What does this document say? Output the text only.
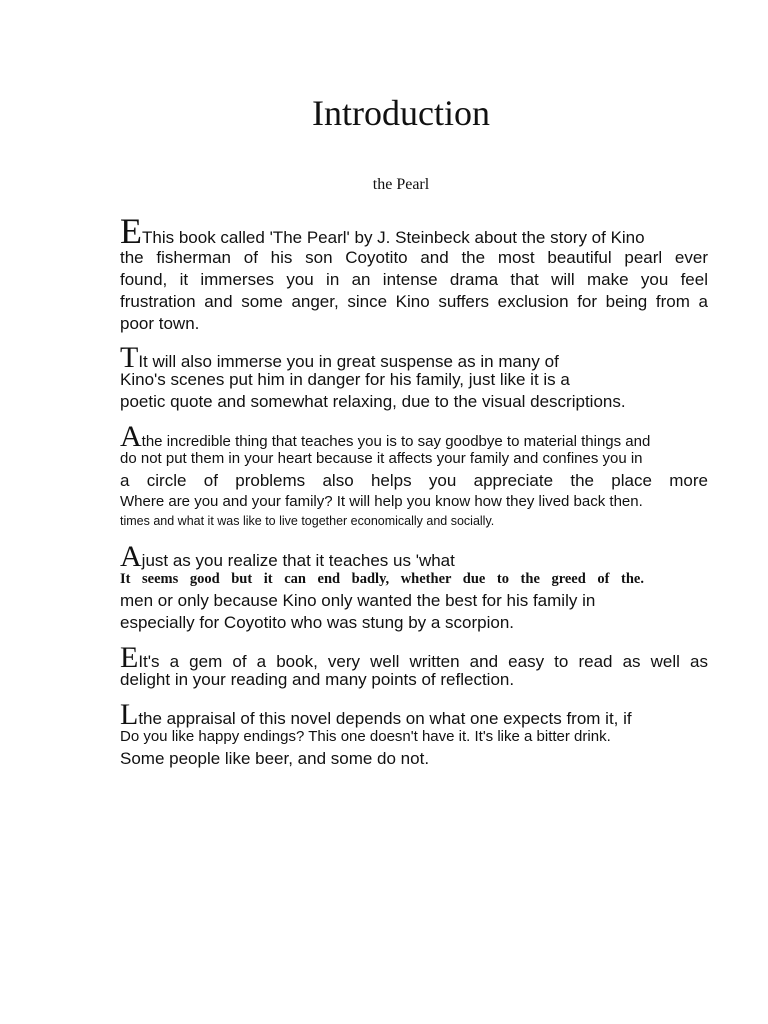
Introduction

the Pearl

EThis book called 'The Pearl' by J. Steinbeck about the story of Kino

the fisherman of his son Coyotito and the most beautiful pearl ever

found, it immerses you in an intense drama that will make you feel

frustration and some anger, since Kino suffers exclusion for being from a

poor town.

TIt will also immerse you in great suspense as in many of

Kino's scenes put him in danger for his family, just like it is a

poetic quote and somewhat relaxing, due to the visual descriptions.

Athe incredible thing that teaches you is to say goodbye to material things and

do not put them in your heart because it affects your family and confines you in

a circle of problems also helps you appreciate the place more

Where are you and your family? It will help you know how they lived back then.

times and what it was like to live together economically and socially.

Ajust as you realize that it teaches us 'what

It seems good but it can end badly, whether due to the greed of the.

men or only because Kino only wanted the best for his family in

especially for Coyotito who was stung by a scorpion.

EIt's a gem of a book, very well written and easy to read as well as

delight in your reading and many points of reflection.

Lthe appraisal of this novel depends on what one expects from it, if

Do you like happy endings? This one doesn't have it. It's like a bitter drink.

Some people like beer, and some do not.
